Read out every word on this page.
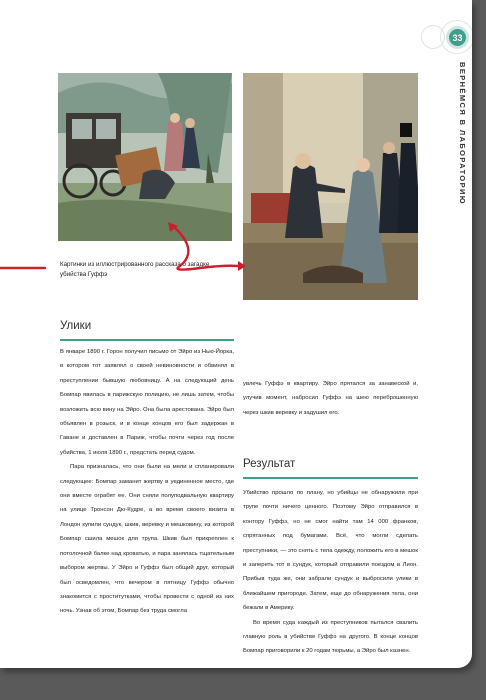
33
ВЕРНЁМСЯ В ЛАБОРАТОРИЮ
Картинки из иллюстрированного рассказа о загадке убийства Гуффэ
Улики

В январе 1890 г. Горон получил письмо от Эйро из Нью-Йорка, в котором тот заявлял о своей невиновности и обвинял в преступлении бывшую любовницу. А на следующий день Бомпар явилась в парижскую полицию, не лишь затем, чтобы возложить всю вину на Эйро. Она была арестована. Эйро был объявлен в розыск, и в конце концов его был задержан в Гаване и доставлен в Париж, чтобы почти через год после убийства, 1 июля 1890 г., предстать перед судом.

Пара призналась, что они были на мели и спланировали следующее: Бомпар заманит жертву в уединенное место, где они вместе ограбят ее. Они сняли полуподвальную квартиру на улице Тронсон Дю-Кудре, а во время своего визита в Лондон купили сундук, шкив, веревку и мешковину, из которой Бомпар сшила мешок для трупа. Шкив был прикреплен к потолочной балке над кроватью, и пара занялась тщательным выбором жертвы. У Эйро и Гуффэ был общий друг, который был осведомлен, что вечером в пятницу Гуффэ обычно знакомится с проститутками, чтобы провести с одной из них ночь. Узнав об этом, Бомпар без труда смогла

увлечь Гуффэ в квартиру. Эйро прятался за занавеской и, улучив момент, набросил Гуффэ на шею переброшенную через шкив веревку и задушил его.

Результат

Убийство прошло по плану, но убийцы не обнаружили при трупе почти ничего ценного. Поэтому Эйро отправился в контору Гуффэ, но не смог найти там 14 000 франков, спрятанных под бумагами. Всё, что могли сделать преступники, — это снять с тела одежду, положить его в мешок и запереть тот в сундук, который отправили поездом в Лион. Прибыв туда же, они забрали сундук и выбросили улики в ближайшем пригороде. Затем, еще до обнаружения тела, они бежали в Америку.

Во время суда каждый из преступников пытался свалить главную роль в убийстве Гуффэ на другого. В конце концов Бомпар приговорили к 20 годам тюрьмы, а Эйро был казнен.
